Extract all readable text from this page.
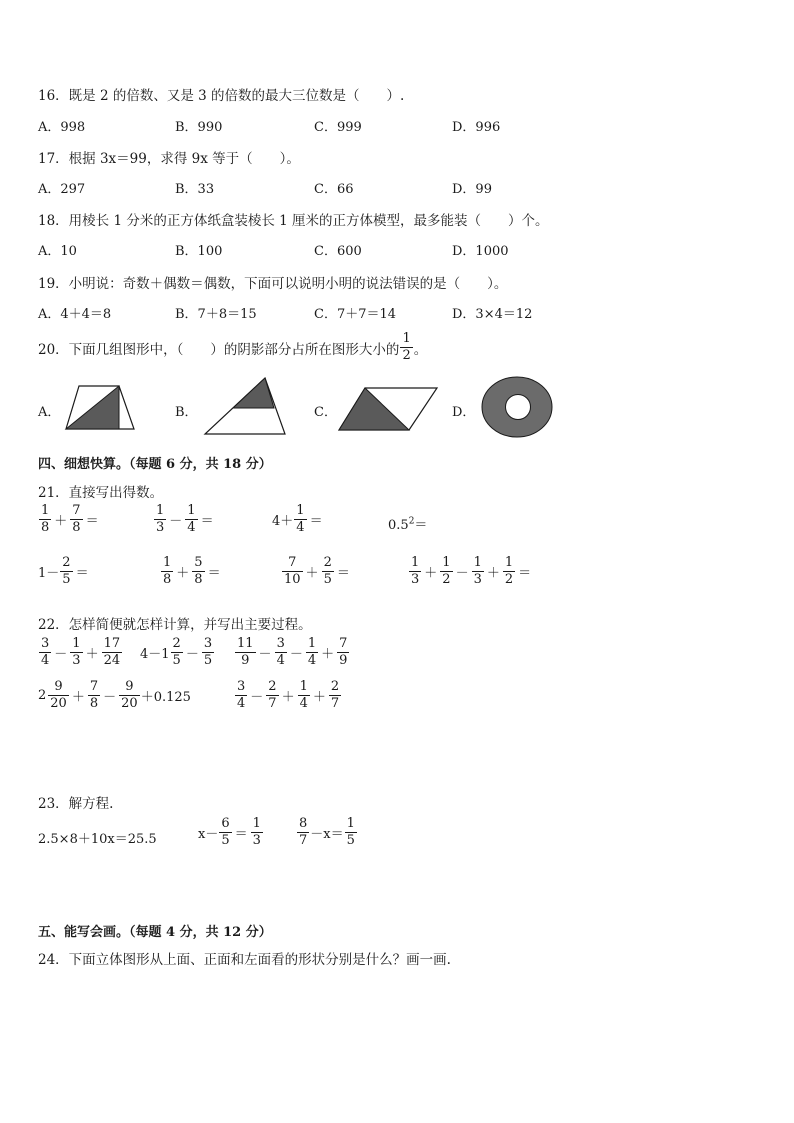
16．既是 2 的倍数、又是 3 的倍数的最大三位数是（　　）.
A．998	B．990	C．999	D．996
17．根据 3x＝99，求得 9x 等于（　　）。
A．297	B．33	C．66	D．99
18．用棱长 1 分米的正方体纸盒装棱长 1 厘米的正方体模型，最多能装（　　）个。
A．10	B．100	C．600	D．1000
19．小明说：奇数＋偶数＝偶数，下面可以说明小明的说法错误的是（　　）。
A．4＋4＝8	B．7＋8＝15	C．7＋7＝14	D．3×4＝12
20．下面几组图形中，（　　）的阴影部分占所在图形大小的 $\frac{1}{2}$ 。
A．	B．	C．	D．
四、细想快算。（每题 6 分，共 18 分）
21．直接写出得数。
$\frac{1}{8} + \frac{7}{8}$ ＝	$\frac{1}{3} - \frac{1}{4}$ ＝	$4+ \frac{1}{4}$ ＝	$0.5^2=$
$1- \frac{2}{5}$ ＝	$\frac{1}{8} + \frac{5}{8}$ ＝	$\frac{7}{10} + \frac{2}{5}$ ＝	$\frac{1}{3} + \frac{1}{2} - \frac{1}{3} + \frac{1}{2}$ ＝
22．怎样简便就怎样计算，并写出主要过程。
$\frac{3}{4} - \frac{1}{3} + \frac{17}{24} 4-1 \frac{2}{5} - \frac{3}{5} \frac{11}{9} - \frac{3}{4} - \frac{1}{4} + \frac{7}{9}$
$2 \frac{9}{20} + \frac{7}{8} - \frac{9}{20} +0.125$	$\frac{3}{4} - \frac{2}{7} + \frac{1}{4} + \frac{2}{7}$
23．解方程.
2.5×8＋10x＝25.5	$x- \frac{6}{5} = \frac{1}{3}$	$\frac{8}{7} -x= \frac{1}{5}$
五、能写会画。（每题 4 分，共 12 分）
24．下面立体图形从上面、正面和左面看的形状分别是什么？画一画.
